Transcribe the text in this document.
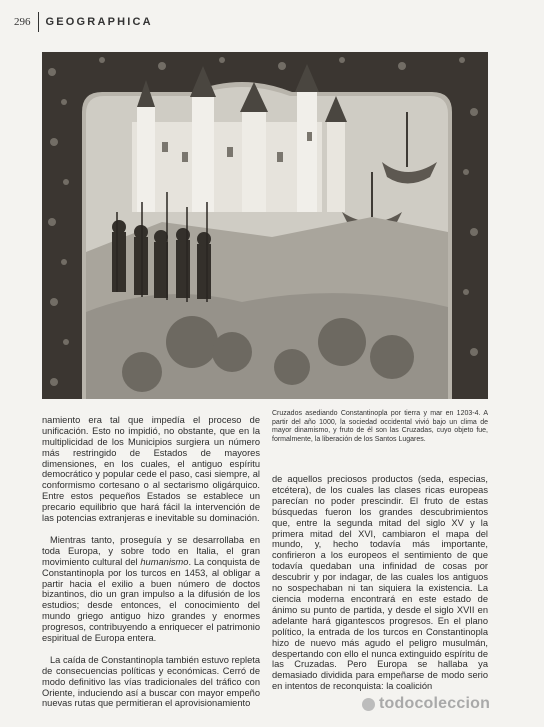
296 GEOGRAPHICA
Cruzados asediando Constantinopla por tierra y mar en 1203-4. A partir del año 1000, la sociedad occidental vivió bajo un clima de mayor dinamismo, y fruto de él son las Cruzadas, cuyo objeto fue, formalmente, la liberación de los Santos Lugares.

namiento era tal que impedía el proceso de unificación. Esto no impidió, no obstante, que en la multiplicidad de los Municipios surgiera un número más restringido de Estados de mayores dimensiones, en los cuales, el antiguo espíritu democrático y popular cede el paso, casi siempre, al conformismo cortesano o al sectarismo oligárquico. Entre estos pequeños Estados se establece un precario equilibrio que hará fácil la intervención de las potencias extranjeras e inevitable su dominación.

Mientras tanto, proseguía y se desarrollaba en toda Europa, y sobre todo en Italia, el gran movimiento cultural del humanismo. La conquista de Constantinopla por los turcos en 1453, al obligar a partir hacia el exilio a buen número de doctos bizantinos, dio un gran impulso a la difusión de los estudios; desde entonces, el conocimiento del mundo griego antiguo hizo grandes y enormes progresos, contribuyendo a enriquecer el patrimonio espiritual de Europa entera.

La caída de Constantinopla también estuvo repleta de consecuencias políticas y económicas. Cerró de modo definitivo las vías tradicionales del tráfico con Oriente, induciendo así a buscar con mayor empeño nuevas rutas que permitieran el aprovisionamiento

de aquellos preciosos productos (seda, especias, etcétera), de los cuales las clases ricas europeas parecían no poder prescindir. El fruto de estas búsquedas fueron los grandes descubrimientos que, entre la segunda mitad del siglo XV y la primera mitad del XVI, cambiaron el mapa del mundo, y, hecho todavía más importante, confirieron a los europeos el sentimiento de que todavía quedaban una infinidad de cosas por descubrir y por indagar, de las cuales los antiguos no sospechaban ni tan siquiera la existencia. La ciencia moderna encontrará en este estado de ánimo su punto de partida, y desde el siglo XVII en adelante hará gigantescos progresos. En el plano político, la entrada de los turcos en Constantinopla hizo de nuevo más agudo el peligro musulmán, despertando con ello el nunca extinguido espíritu de las Cruzadas. Pero Europa se hallaba ya demasiado dividida para empeñarse de modo serio en intentos de reconquista: la coalición

todocoleccion
